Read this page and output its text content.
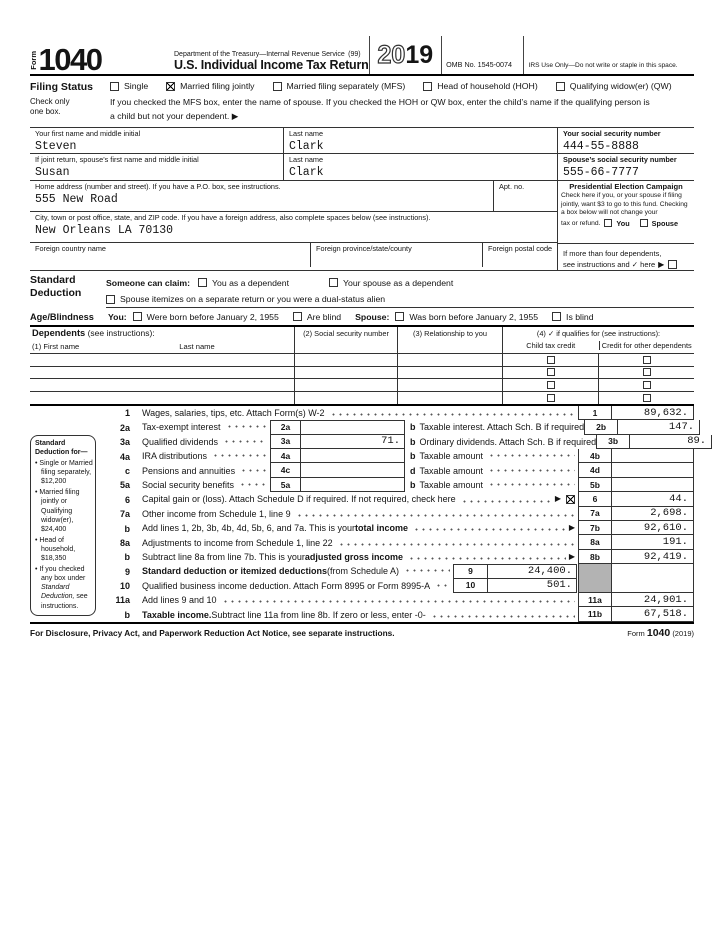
Form 1040	Department of the Treasury—Internal Revenue Service (99)
U.S. Individual Income Tax Return 20 19	OMB No. 1545-0074	IRS Use Only—Do not write or staple in this space.
Filing Status
Check only
one box.
Single	Married filing jointly	Married filing separately (MFS)	Head of household (HOH)	Qualifying widow(er) (QW)
If you checked the MFS box, enter the name of spouse. If you checked the HOH or QW box, enter the child’s name if the qualifying person is
a child but not your dependent. ▶
Your first name and middle initial
Steven
Last name
Clark
Your social security number
444-55-8888
If joint return, spouse’s first name and middle initial
Susan
Last name
Clark
Spouse’s social security number
555-66-7777
Home address (number and street). If you have a P.O. box, see instructions.
555 New Road
Apt. no.
City, town or post office, state, and ZIP code. If you have a foreign address, also complete spaces below (see instructions).
New Orleans LA 70130
Foreign country name	Foreign province/state/county	Foreign postal code
Presidential Election Campaign
Check here if you, or your spouse if filing jointly, want $3 to go to this fund. Checking a box below will not change your
tax or refund. You	Spouse
If more than four dependents,
see instructions and ✓ here ▶
Standard
Deduction
Someone can claim:	You as a dependent	Your spouse as a dependent
Spouse itemizes on a separate return or you were a dual-status alien
Age/Blindness	You: Were born before January 2, 1955	Are blind Spouse: Was born before January 2, 1955	Is blind
Dependents (see instructions):
(1) First name	Last name
(2) Social security number	(3) Relationship to you	(4) ✓ if qualifies for (see instructions):
Child tax credit	Credit for other dependents
Standard Deduction for—
• Single or Married filing separately, $12,200
• Married filing jointly or Qualifying widow(er), $24,400
• Head of household, $18,350
• If you checked any box under Standard Deduction, see instructions.
1 Wages, salaries, tips, etc. Attach Form(s) W-2	1	89,632.
2a Tax-exempt interest	2a	b Taxable interest. Attach Sch. B if required	2b	147.
3a Qualified dividends	3a	71.	b Ordinary dividends. Attach Sch. B if required	3b	89.
4a IRA distributions	4a	b Taxable amount	4b
c Pensions and annuities	4c	d Taxable amount	4d
5a Social security benefits	5a	b Taxable amount	5b
6 Capital gain or (loss). Attach Schedule D if required. If not required, check here	▶	6	44.
7a Other income from Schedule 1, line 9	7a	2,698.
b Add lines 1, 2b, 3b, 4b, 4d, 5b, 6, and 7a. This is your total income	▶	7b	92,610.
8a Adjustments to income from Schedule 1, line 22	8a	191.
b Subtract line 8a from line 7b. This is your adjusted gross income	▶	8b	92,419.
9 Standard deduction or itemized deductions (from Schedule A)	9	24,400.
10 Qualified business income deduction. Attach Form 8995 or Form 8995-A	10	501.
11a Add lines 9 and 10	11a	24,901.
b Taxable income. Subtract line 11a from line 8b. If zero or less, enter -0-	11b	67,518.
For Disclosure, Privacy Act, and Paperwork Reduction Act Notice, see separate instructions.	Form 1040 (2019)
